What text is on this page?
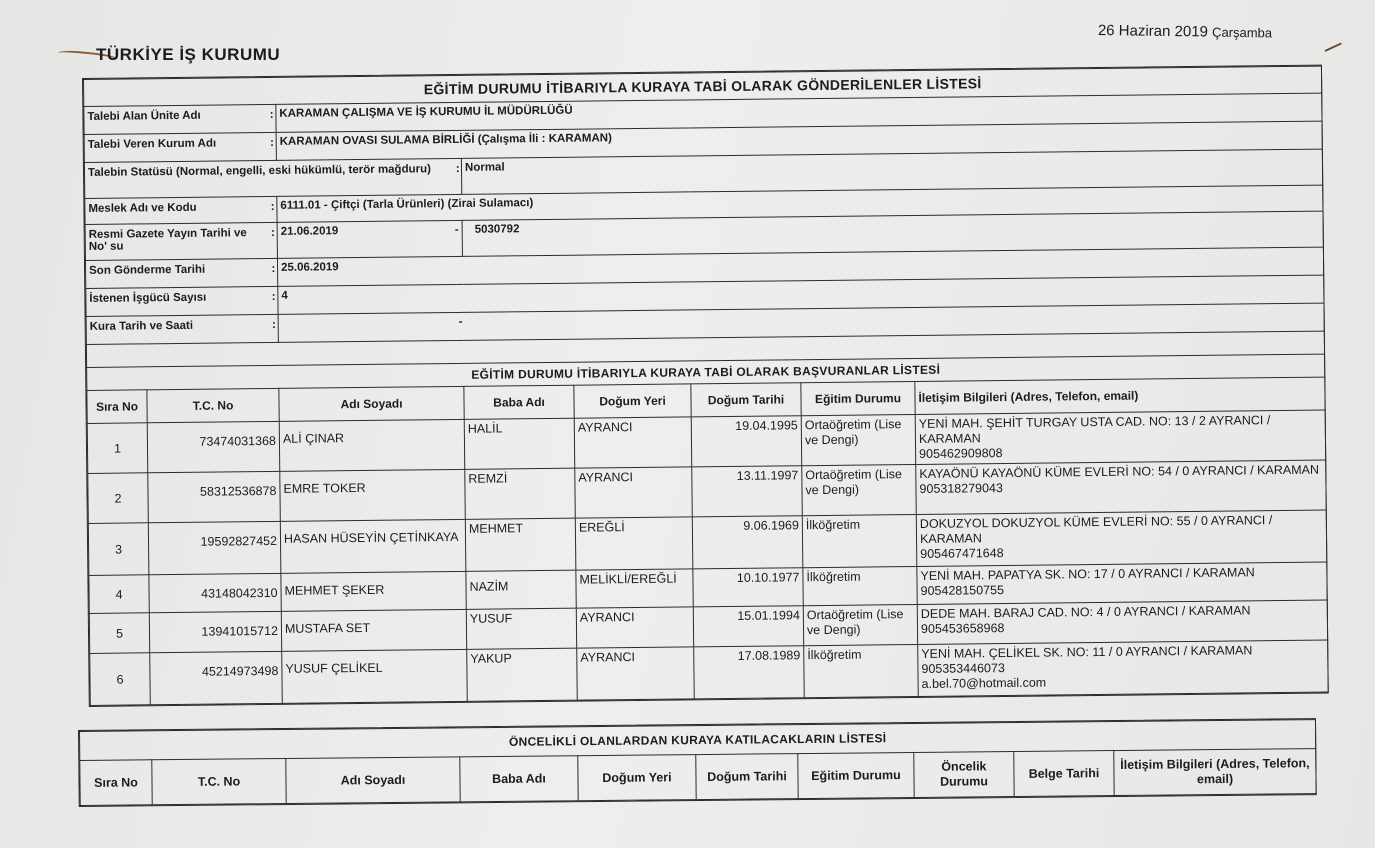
26 Haziran 2019 Çarşamba
TÜRKİYE İŞ KURUMU
EĞİTİM DURUMU İTİBARIYLA KURAYA TABİ OLARAK GÖNDERİLENLER LİSTESİ									
Talebi Alan Ünite Adı		:	KARAMAN ÇALIŞMA VE İŞ KURUMU İL MÜDÜRLÜĞÜ						
Talebi Veren Kurum Adı		:	KARAMAN OVASI SULAMA BİRLİĞİ (Çalışma İli : KARAMAN)						
Talebin Statüsü (Normal, engelli, eski hükümlü, terör mağduru)				:	Normal				
Meslek Adı ve Kodu		:	6111.01 - Çiftçi (Tarla Ürünleri) (Zirai Sulamacı)						
Resmi Gazete Yayın Tarihi ve No' su		:	21.06.2019 -		5030792				
Son Gönderme Tarihi		:	25.06.2019						
İstenen İşgücü Sayısı		:	4						
Kura Tarih ve Saati		:	-						

EĞİTİM DURUMU İTİBARIYLA KURAYA TABİ OLARAK BAŞVURANLAR LİSTESİ									
Sıra No	T.C. No		Adı Soyadı		Baba Adı	Doğum Yeri	Doğum Tarihi	Eğitim Durumu	İletişim Bilgileri (Adres, Telefon, email)
1	73474031368		ALİ ÇINAR		HALİL	AYRANCI	19.04.1995	Ortaöğretim (Lise ve Dengi)	YENİ MAH. ŞEHİT TURGAY USTA CAD. NO: 13 / 2 AYRANCI / KARAMAN
905462909808

2	58312536878		EMRE TOKER		REMZİ	AYRANCI	13.11.1997	Ortaöğretim (Lise ve Dengi)	KAYAÖNÜ KAYAÖNÜ KÜME EVLERİ NO: 54 / 0 AYRANCI / KARAMAN
905318279043

3	19592827452		HASAN HÜSEYİN ÇETİNKAYA		MEHMET	EREĞLİ	9.06.1969	İlköğretim	DOKUZYOL DOKUZYOL KÜME EVLERİ NO: 55 / 0 AYRANCI / KARAMAN
905467471648

4	43148042310		MEHMET ŞEKER		NAZİM	MELİKLİ/EREĞLİ	10.10.1977	İlköğretim	YENİ MAH. PAPATYA SK. NO: 17 / 0 AYRANCI / KARAMAN
905428150755

5	13941015712		MUSTAFA SET		YUSUF	AYRANCI	15.01.1994	Ortaöğretim (Lise ve Dengi)	DEDE MAH. BARAJ CAD. NO: 4 / 0 AYRANCI / KARAMAN
905453658968

6	45214973498		YUSUF ÇELİKEL		YAKUP	AYRANCI	17.08.1989	İlköğretim	YENİ MAH. ÇELİKEL SK. NO: 11 / 0 AYRANCI / KARAMAN
905353446073
a.bel.70@hotmail.com
ÖNCELİKLİ OLANLARDAN KURAYA KATILACAKLARIN LİSTESİ
Sıra No	T.C. No	Adı Soyadı	Baba Adı	Doğum Yeri	Doğum Tarihi	Eğitim Durumu	Öncelik Durumu	Belge Tarihi	İletişim Bilgileri (Adres, Telefon, email)
